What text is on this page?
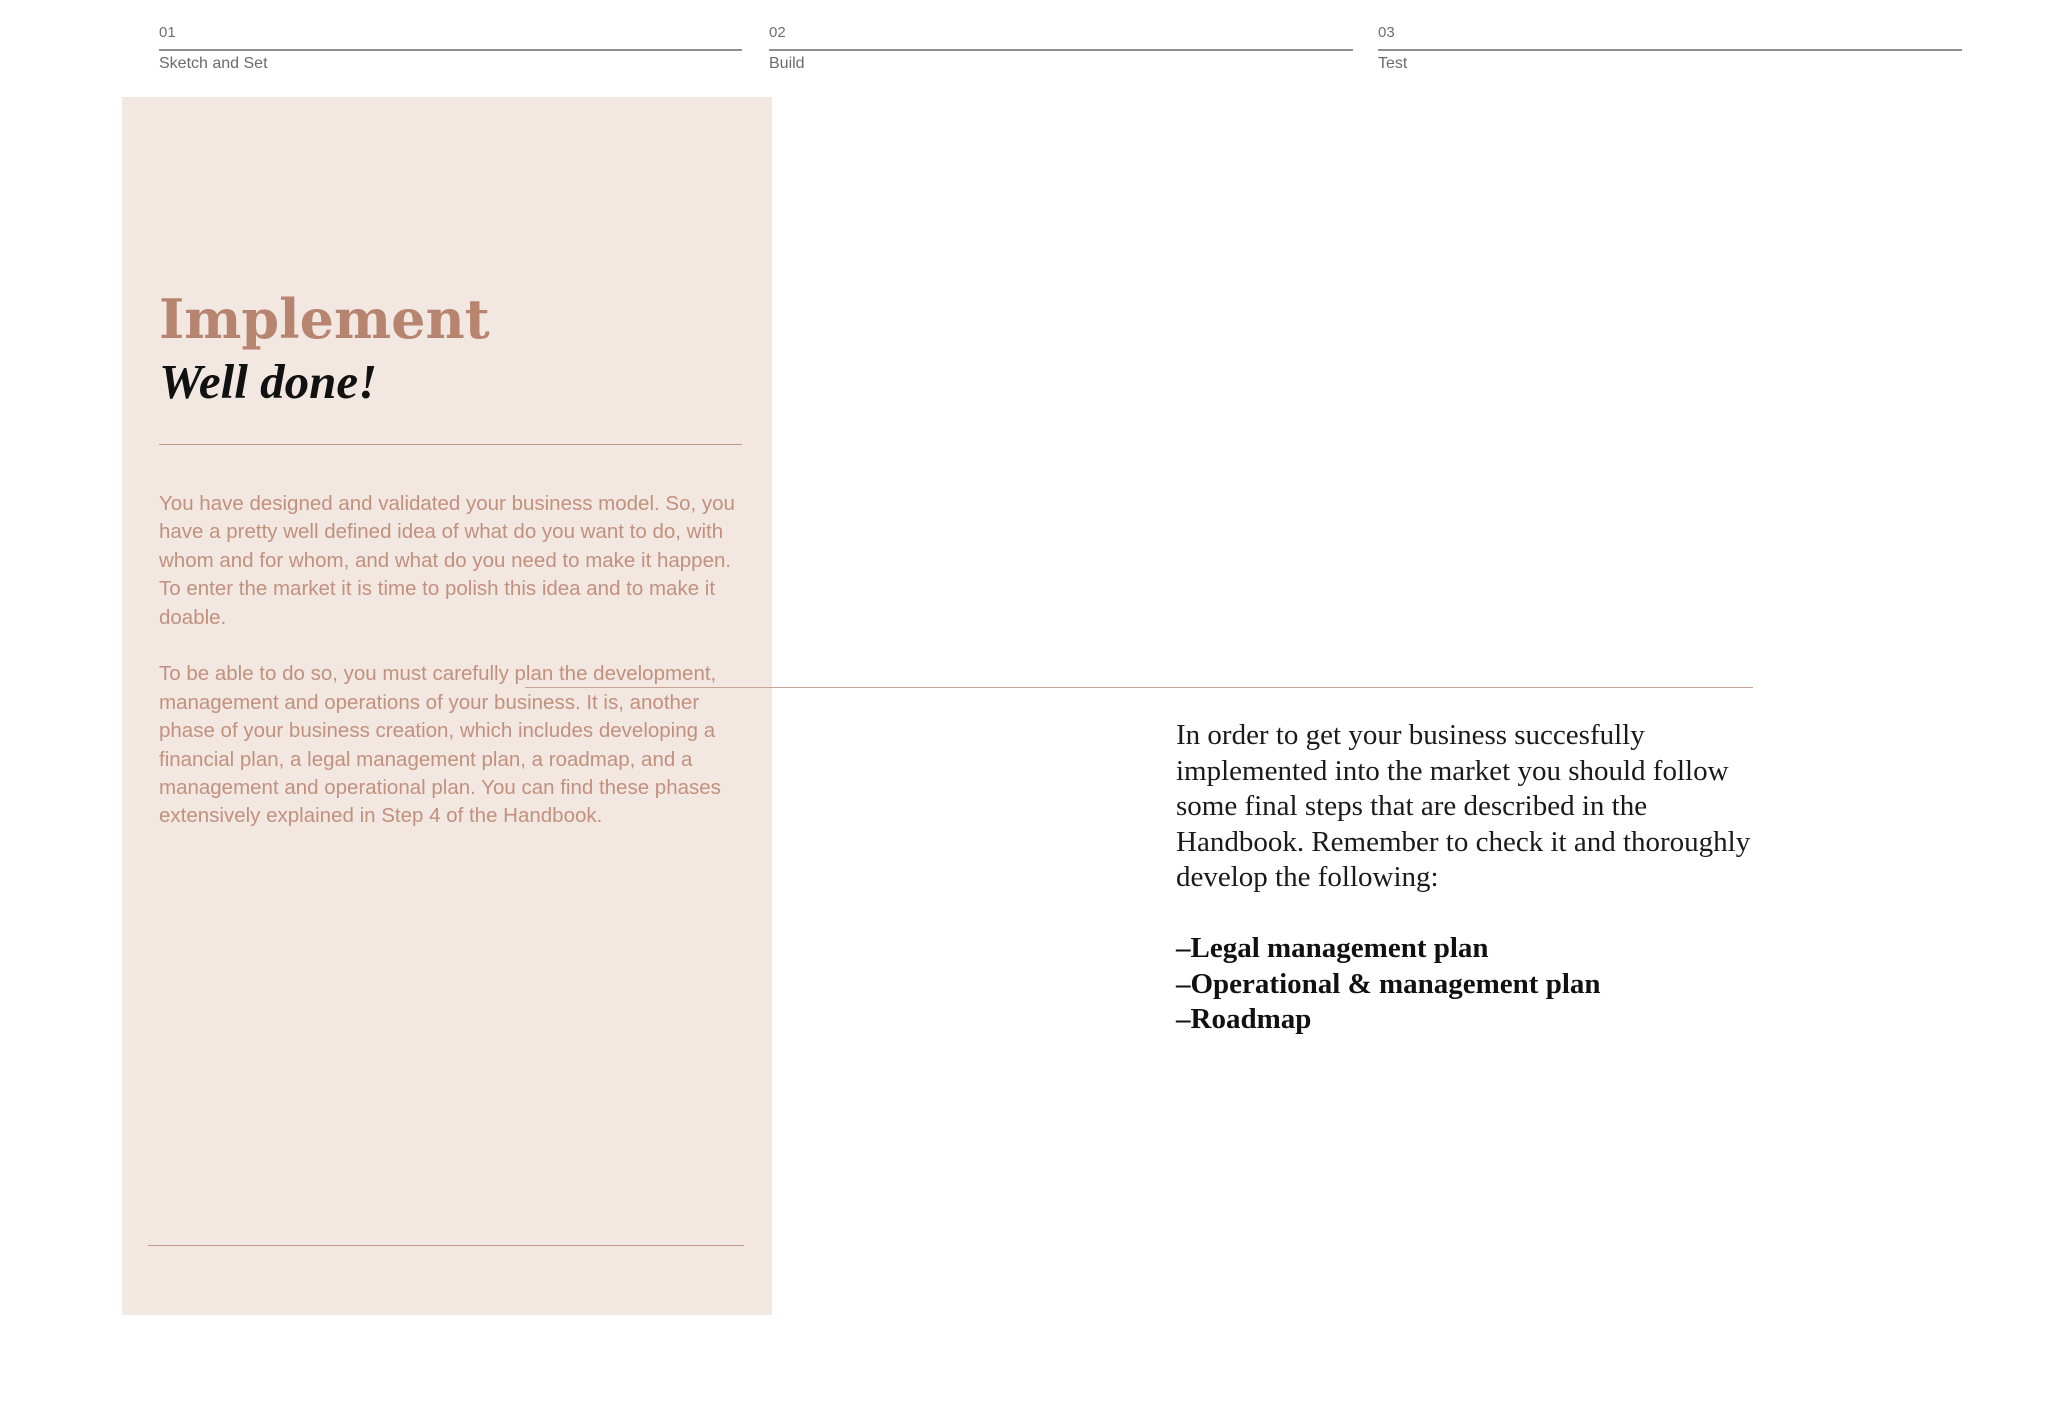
01
Sketch and Set
02
Build
03
Test
Implement
Well done!

You have designed and validated your business model. So, you have a pretty well defined idea of what do you want to do, with whom and for whom, and what do you need to make it happen. To enter the market it is time to polish this idea and to make it doable.

To be able to do so, you must carefully plan the development, management and operations of your business. It is, another phase of your business creation, which includes developing a financial plan, a legal management plan, a roadmap, and a management and operational plan. You can find these phases extensively explained in Step 4 of the Handbook.

In order to get your business succesfully implemented into the market you should follow some final steps that are described in the Handbook. Remember to check it and thoroughly develop the following:

–Legal management plan
–Operational & management plan
–Roadmap
